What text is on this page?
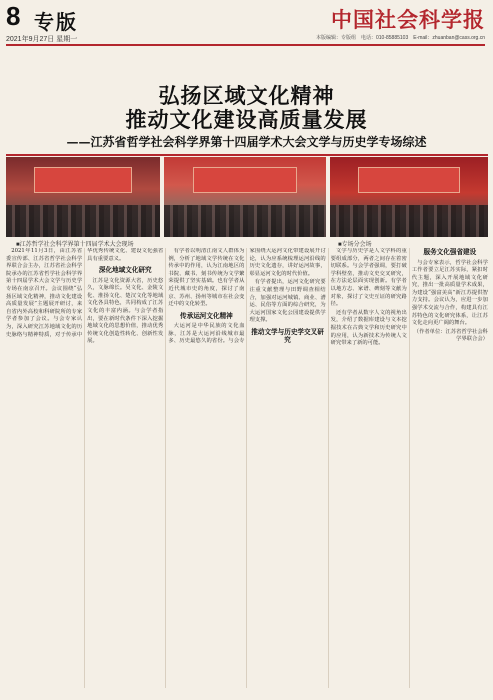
8 专版
2021年9月27日 星期一
中国社会科学报
本版编辑：专版组　电话：010-85885103　E-mail：zhuanban@cass.org.cn
弘扬区域文化精神
推动文化建设高质量发展
——江苏省哲学社会科学界第十四届学术大会文学与历史学专场综述
■江苏哲学社会科学界第十四届学术大会现场	■专场分会场

2021年11月3日，由江苏省委宣传部、江苏省哲学社会科学界联合会主办，江苏省社会科学院承办的江苏省哲学社会科学界第十四届学术大会文学与历史学专场在南京召开。会议围绕“弘扬区域文化精神，推动文化建设高质量发展”主题展开研讨，来自省内外高校和科研院所的专家学者参加了会议。与会专家认为，深入研究江苏地域文化的历史脉络与精神特质，对于传承中华优秀传统文化、建设文化强省具有重要意义。

深化地域文化研究

江苏是文化资源大省，历史悠久，文脉绵长。吴文化、金陵文化、淮扬文化、楚汉文化等地域文化各具特色，共同构成了江苏文化的丰富内涵。与会学者指出，要在新时代条件下深入挖掘地域文化的思想价值，推动优秀传统文化创造性转化、创新性发展。

有学者以明清江南文人群体为例，分析了地域文学传统在文化传承中的作用，认为江南地区的书院、藏书、刻书传统为文学繁荣提供了坚实基础。也有学者从近代城市史的角度，探讨了南京、苏州、扬州等城市在社会变迁中的文化转型。

传承运河文化精神

大运河是中华民族的文化血脉，江苏是大运河沿线城市最多、历史最悠久的省份。与会专家围绕大运河文化带建设展开讨论，认为应系统梳理运河沿线的历史文化遗存，讲好运河故事，彰显运河文化的时代价值。

有学者提出，运河文化研究要注重文献整理与田野调查相结合，加强对运河城镇、商业、漕运、民俗等方面的综合研究，为大运河国家文化公园建设提供学理支撑。

推动文学与历史学交叉研究

文学与历史学是人文学科的重要组成部分，两者之间存在着密切联系。与会学者强调，要打破学科壁垒，推动文史交叉研究，在方法论层面实现创新。有学者以地方志、家谱、碑刻等文献为对象，探讨了文史互证的研究路径。

还有学者从数字人文的视角出发，介绍了数据库建设与文本挖掘技术在古典文学和历史研究中的应用，认为新技术为传统人文研究带来了新的可能。

服务文化强省建设

与会专家表示，哲学社会科学工作者要立足江苏实际，紧扣时代主题，深入开展地域文化研究，推出一批高质量学术成果，为建设“强富美高”新江苏提供智力支持。会议认为，应进一步加强学术交流与合作，构建具有江苏特色的文化研究体系，让江苏文化走向更广阔的舞台。

（作者单位：江苏省哲学社会科学界联合会）
